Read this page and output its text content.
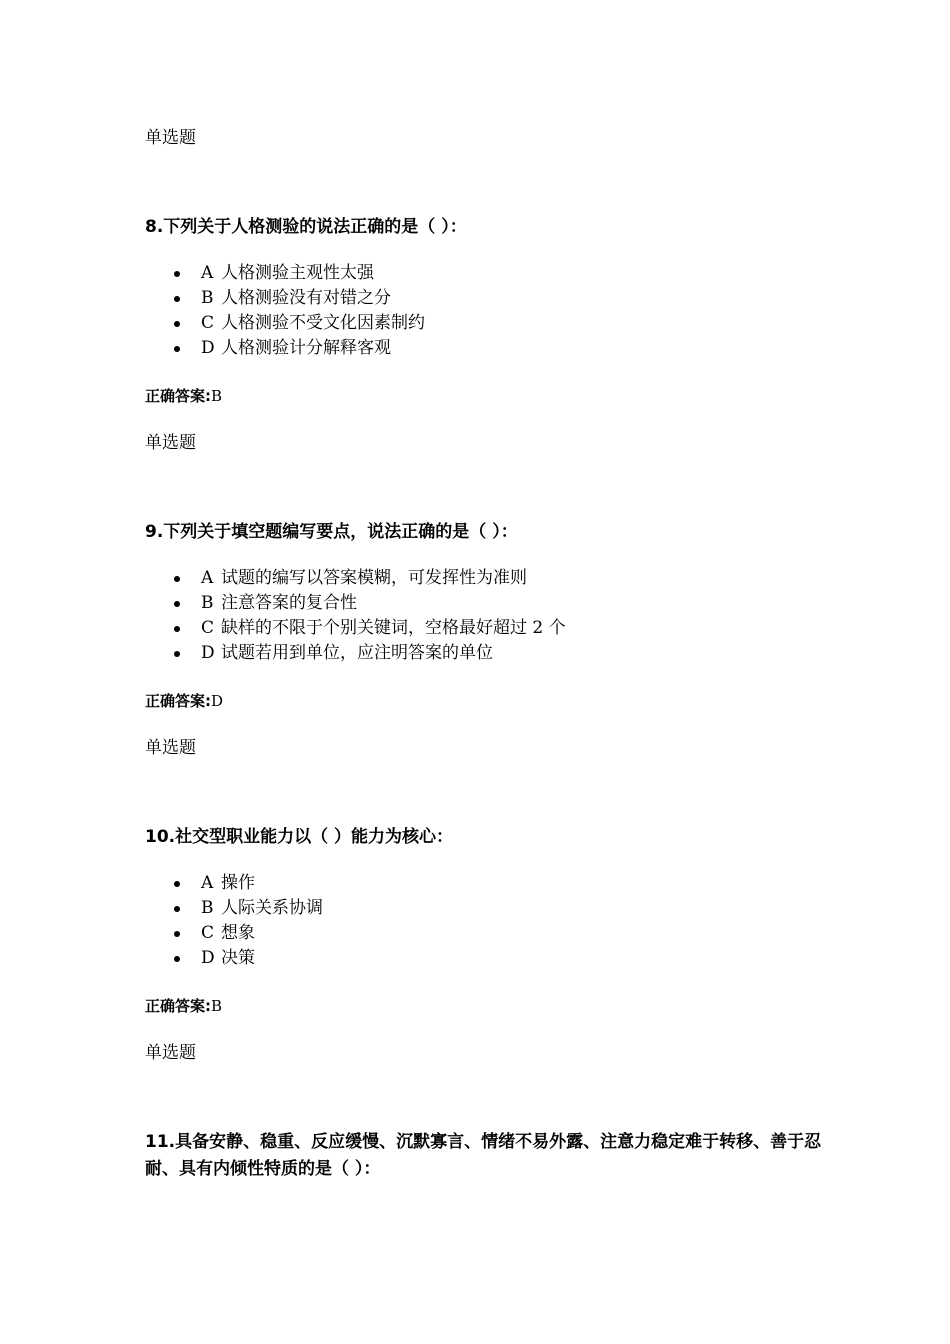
单选题
8.下列关于人格测验的说法正确的是（ ）：
A 人格测验主观性太强
B 人格测验没有对错之分
C 人格测验不受文化因素制约
D 人格测验计分解释客观
正确答案:B
单选题
9.下列关于填空题编写要点，说法正确的是（ ）：
A 试题的编写以答案模糊，可发挥性为准则
B 注意答案的复合性
C 缺样的不限于个别关键词，空格最好超过 2 个
D 试题若用到单位，应注明答案的单位
正确答案:D
单选题
10.社交型职业能力以（ ）能力为核心：
A 操作
B 人际关系协调
C 想象
D 决策
正确答案:B
单选题
11.具备安静、稳重、反应缓慢、沉默寡言、情绪不易外露、注意力稳定难于转移、善于忍耐、具有内倾性特质的是（ ）：
